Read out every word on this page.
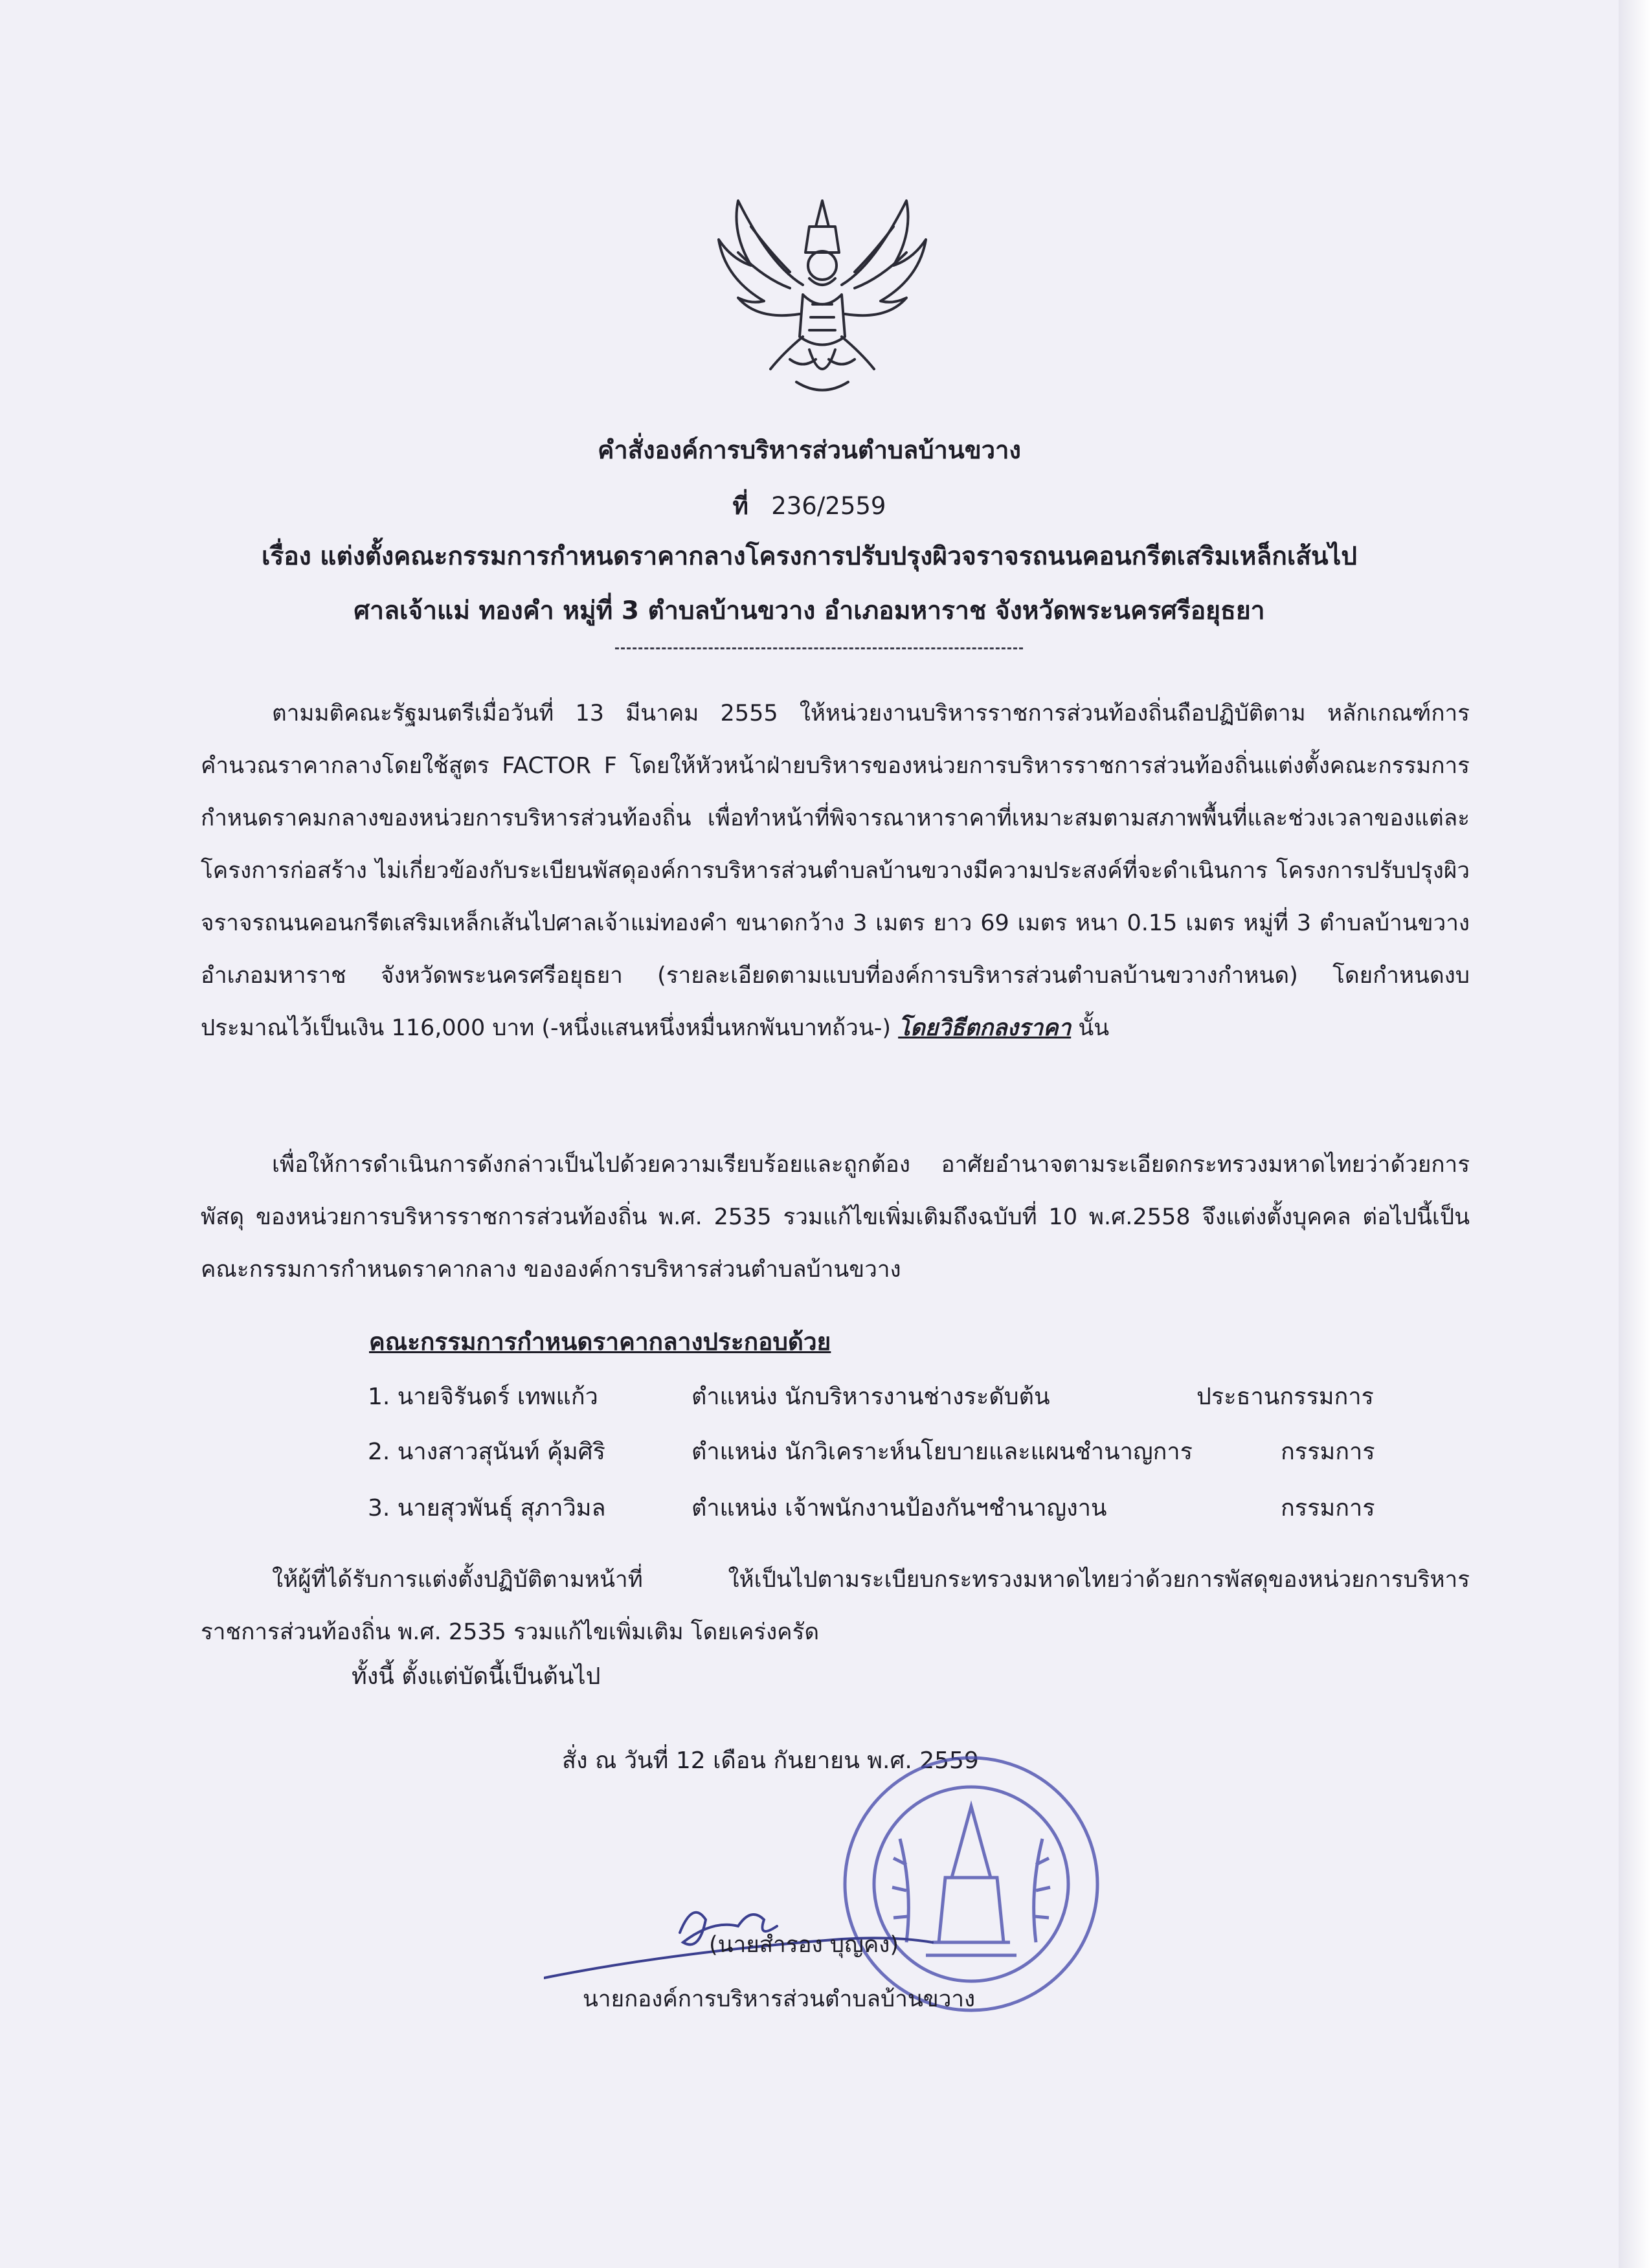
คำสั่งองค์การบริหารส่วนตำบลบ้านขวาง
ที่ 236/2559
เรื่อง แต่งตั้งคณะกรรมการกำหนดราคากลางโครงการปรับปรุงผิวจราจรถนนคอนกรีตเสริมเหล็กเส้นไป
ศาลเจ้าแม่ ทองคำ หมู่ที่ 3 ตำบลบ้านขวาง อำเภอมหาราช จังหวัดพระนครศรีอยุธยา
ตามมติคณะรัฐมนตรีเมื่อวันที่ 13 มีนาคม 2555 ให้หน่วยงานบริหารราชการส่วนท้องถิ่นถือปฏิบัติตาม หลักเกณฑ์การคำนวณราคากลางโดยใช้สูตร FACTOR F โดยให้หัวหน้าฝ่ายบริหารของหน่วยการบริหารราชการส่วนท้องถิ่นแต่งตั้งคณะกรรมการกำหนดราคมกลางของหน่วยการบริหารส่วนท้องถิ่น เพื่อทำหน้าที่พิจารณาหาราคาที่เหมาะสมตามสภาพพื้นที่และช่วงเวลาของแต่ละโครงการก่อสร้าง ไม่เกี่ยวข้องกับระเบียนพัสดุองค์การบริหารส่วนตำบลบ้านขวางมีความประสงค์ที่จะดำเนินการ โครงการปรับปรุงผิวจราจรถนนคอนกรีตเสริมเหล็กเส้นไปศาลเจ้าแม่ทองคำ ขนาดกว้าง 3 เมตร ยาว 69 เมตร หนา 0.15 เมตร หมู่ที่ 3 ตำบลบ้านขวาง อำเภอมหาราช จังหวัดพระนครศรีอยุธยา (รายละเอียดตามแบบที่องค์การบริหารส่วนตำบลบ้านขวางกำหนด) โดยกำหนดงบประมาณไว้เป็นเงิน 116,000 บาท (-หนึ่งแสนหนึ่งหมื่นหกพันบาทถ้วน-) โดยวิธีตกลงราคา นั้น
เพื่อให้การดำเนินการดังกล่าวเป็นไปด้วยความเรียบร้อยและถูกต้อง อาศัยอำนาจตามระเอียดกระทรวงมหาดไทยว่าด้วยการพัสดุ ของหน่วยการบริหารราชการส่วนท้องถิ่น พ.ศ. 2535 รวมแก้ไขเพิ่มเติมถึงฉบับที่ 10 พ.ศ.2558 จึงแต่งตั้งบุคคล ต่อไปนี้เป็นคณะกรรมการกำหนดราคากลาง ขององค์การบริหารส่วนตำบลบ้านขวาง
คณะกรรมการกำหนดราคากลางประกอบด้วย
1. นายจิรันดร์ เทพแก้ว	ตำแหน่ง นักบริหารงานช่างระดับต้น	ประธานกรรมการ
2. นางสาวสุนันท์ คุ้มศิริ	ตำแหน่ง นักวิเคราะห์นโยบายและแผนชำนาญการ	กรรมการ
3. นายสุวพันธุ์ สุภาวิมล	ตำแหน่ง เจ้าพนักงานป้องกันฯชำนาญงาน	กรรมการ
ให้ผู้ที่ได้รับการแต่งตั้งปฏิบัติตามหน้าที่ ให้เป็นไปตามระเบียบกระทรวงมหาดไทยว่าด้วยการพัสดุของหน่วยการบริหารราชการส่วนท้องถิ่น พ.ศ. 2535 รวมแก้ไขเพิ่มเติม โดยเคร่งครัด
ทั้งนี้ ตั้งแต่บัดนี้เป็นต้นไป
สั่ง ณ วันที่ 12 เดือน กันยายน พ.ศ. 2559
(นายสำรอง บุญคง)
นายกองค์การบริหารส่วนตำบลบ้านขวาง
